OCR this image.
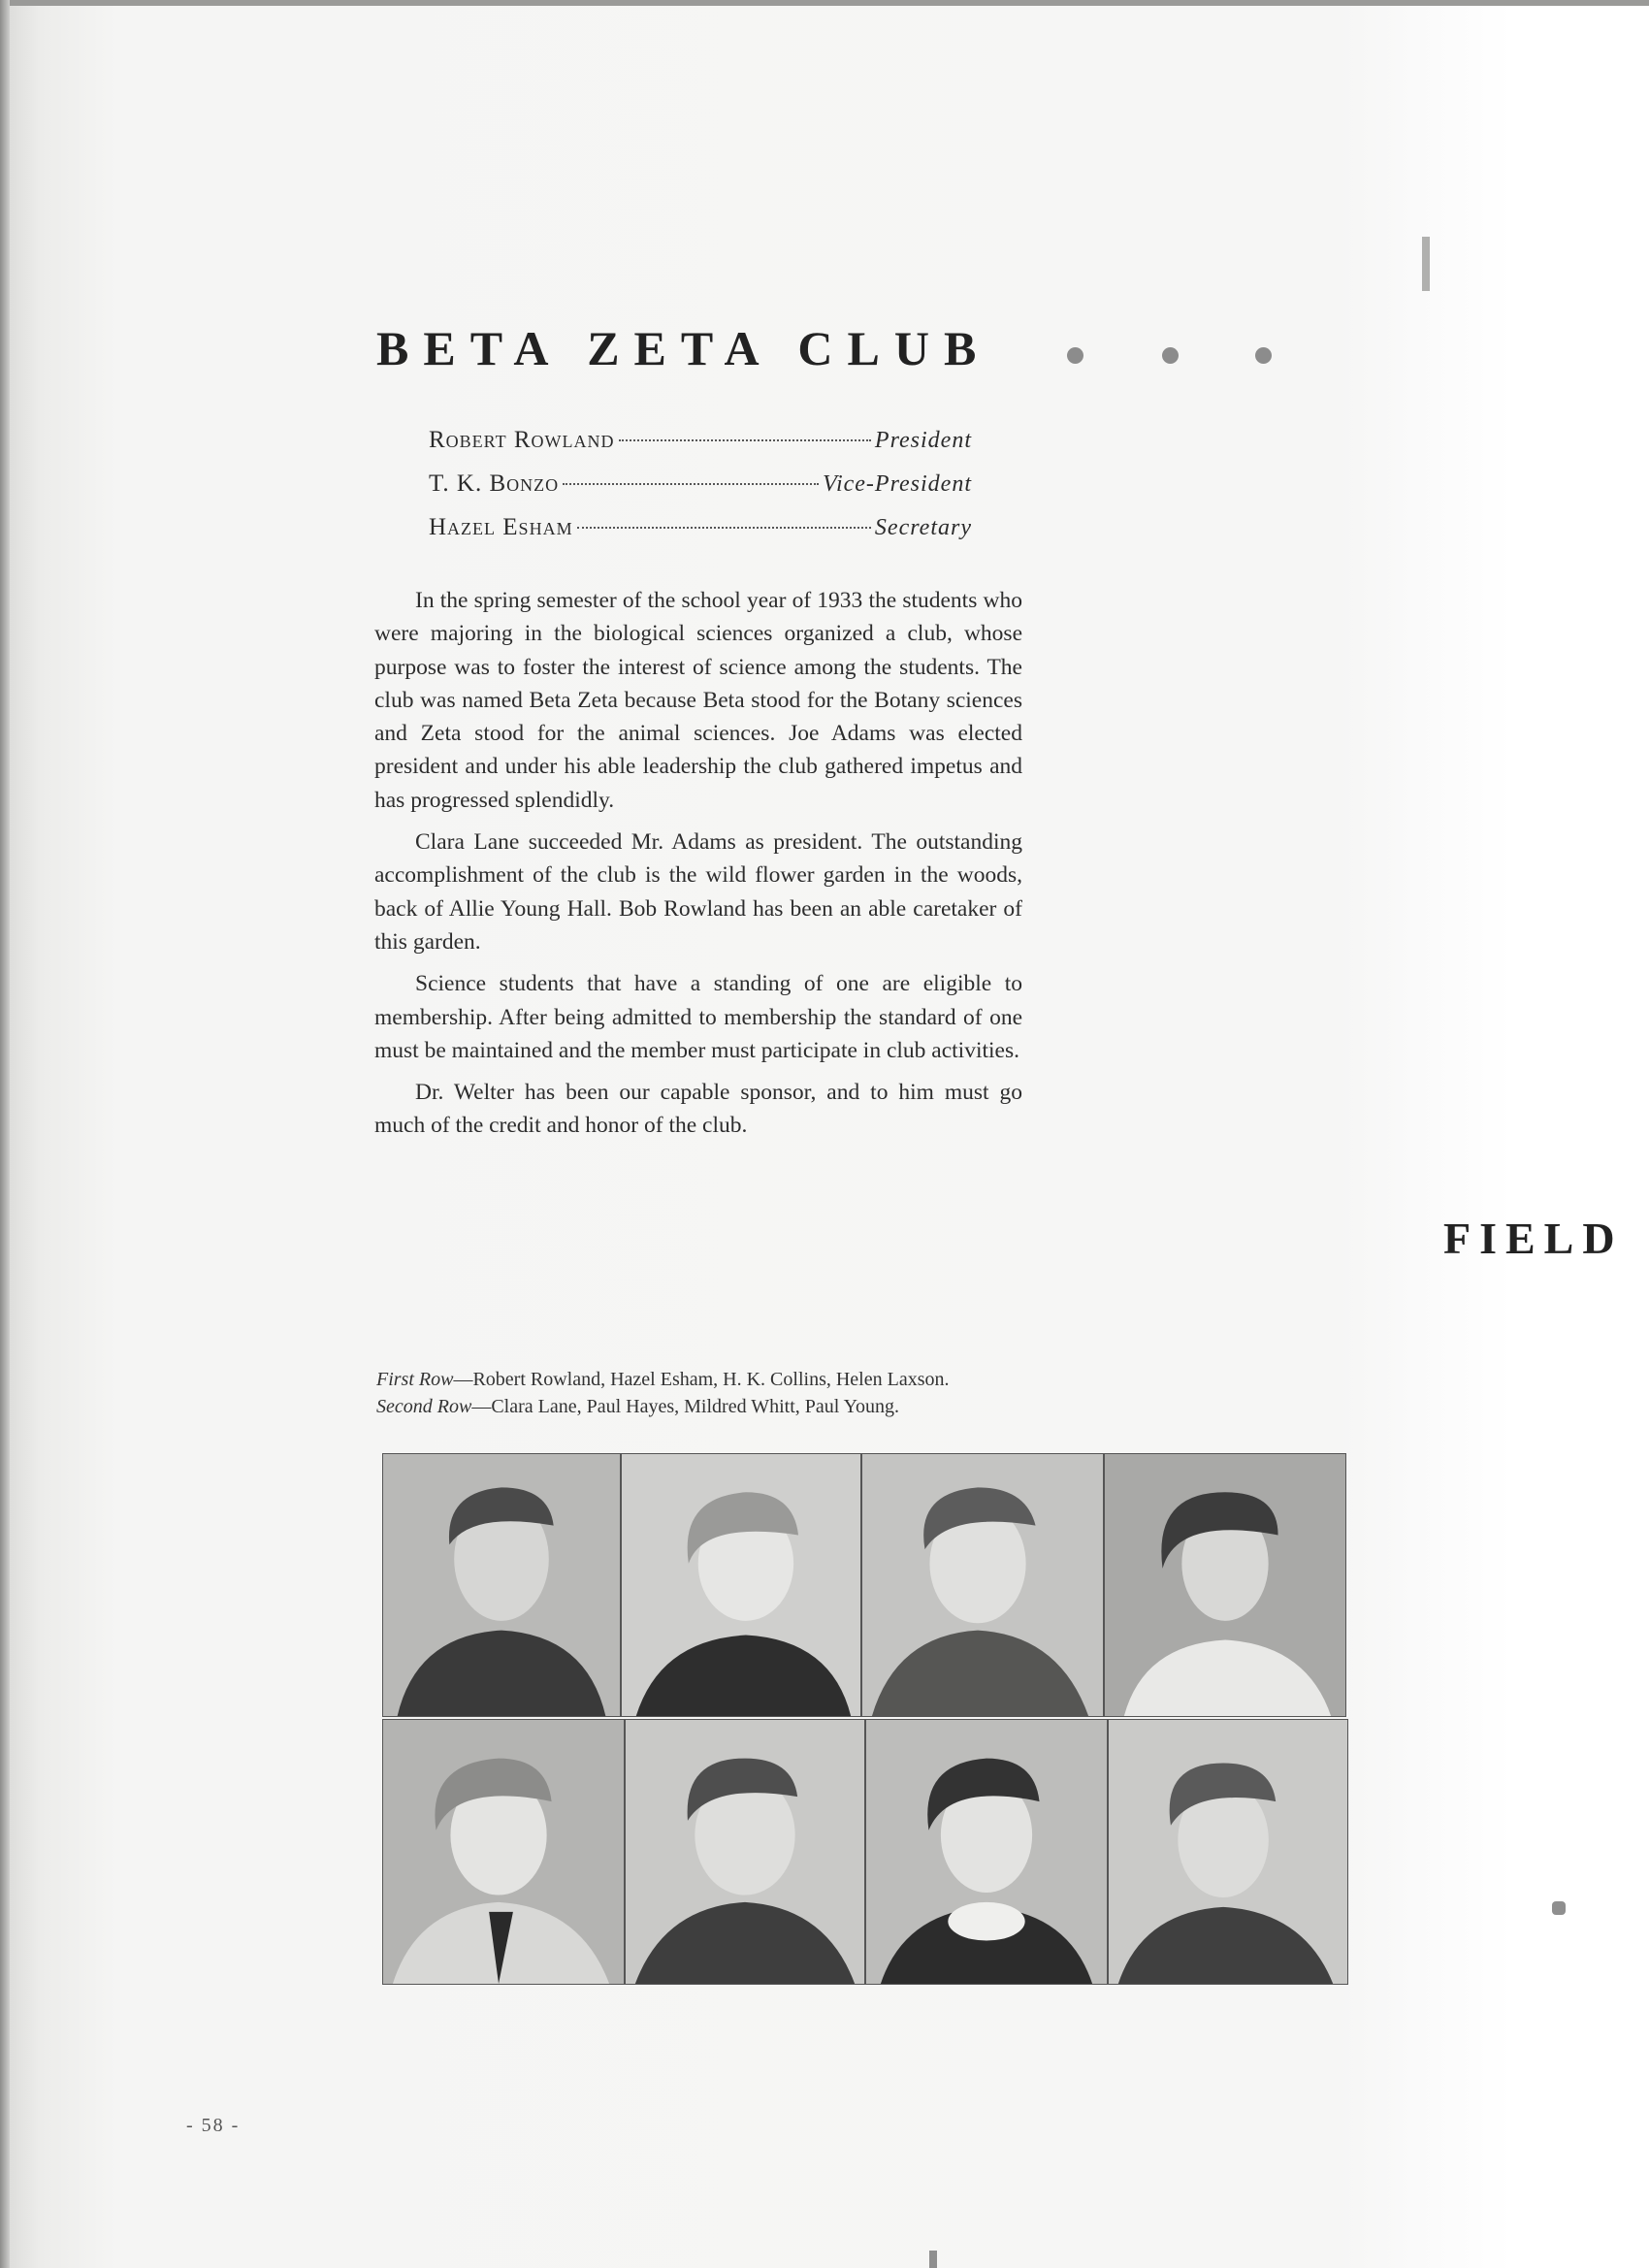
BETA ZETA CLUB
Robert Rowland	President
T. K. Bonzo	Vice-President
Hazel Esham	Secretary

In the spring semester of the school year of 1933 the students who were majoring in the biological sciences organized a club, whose purpose was to foster the interest of science among the students. The club was named Beta Zeta because Beta stood for the Botany sciences and Zeta stood for the animal sciences. Joe Adams was elected president and under his able leadership the club gathered impetus and has progressed splendidly.

Clara Lane succeeded Mr. Adams as president. The outstanding accomplishment of the club is the wild flower garden in the woods, back of Allie Young Hall. Bob Rowland has been an able caretaker of this garden.

Science students that have a standing of one are eligible to membership. After being admitted to membership the standard of one must be maintained and the member must participate in club activities.

Dr. Welter has been our capable sponsor, and to him must go much of the credit and honor of the club.

FIELD
First Row—Robert Rowland, Hazel Esham, H. K. Collins, Helen Laxson.
Second Row—Clara Lane, Paul Hayes, Mildred Whitt, Paul Young.
- 58 -
